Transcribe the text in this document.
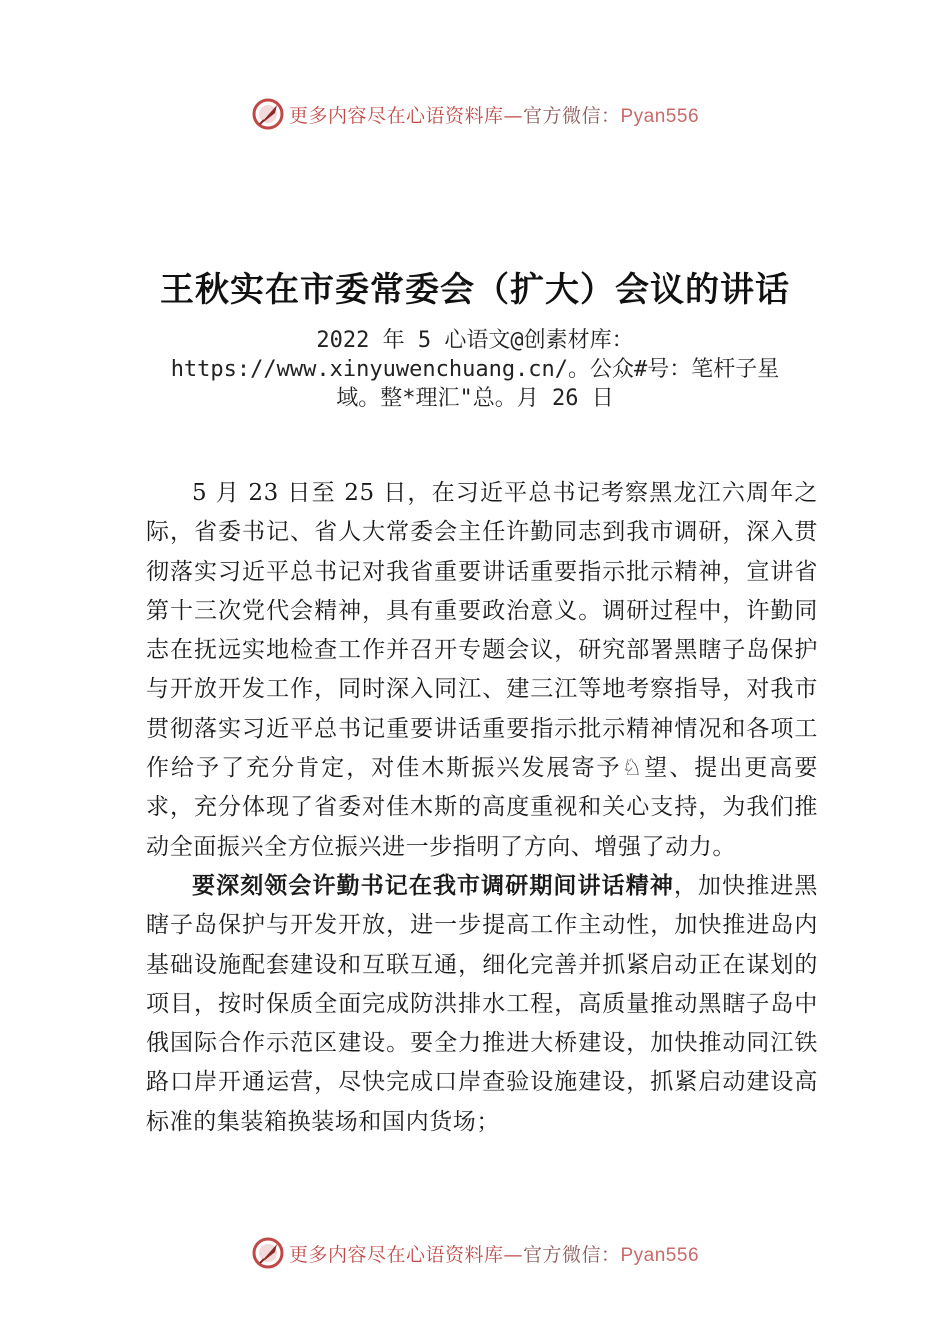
更多内容尽在心语资料库—官方微信：Pyan556
王秋实在市委常委会（扩大）会议的讲话
2022 年 5 心语文@创素材库：https://www.xinyuwenchuang.cn/。公众#号：笔杆子星域。整*理汇"总。月 26 日

5 月 23 日至 25 日，在习近平总书记考察黑龙江六周年之际，省委书记、省人大常委会主任许勤同志到我市调研，深入贯彻落实习近平总书记对我省重要讲话重要指示批示精神，宣讲省第十三次党代会精神，具有重要政治意义。调研过程中，许勤同志在抚远实地检查工作并召开专题会议，研究部署黑瞎子岛保护与开放开发工作，同时深入同江、建三江等地考察指导，对我市贯彻落实习近平总书记重要讲话重要指示批示精神情况和各项工作给予了充分肯定，对佳木斯振兴发展寄予♘望、提出更高要求，充分体现了省委对佳木斯的高度重视和关心支持，为我们推动全面振兴全方位振兴进一步指明了方向、增强了动力。

要深刻领会许勤书记在我市调研期间讲话精神，加快推进黑瞎子岛保护与开发开放，进一步提高工作主动性，加快推进岛内基础设施配套建设和互联互通，细化完善并抓紧启动正在谋划的项目，按时保质全面完成防洪排水工程，高质量推动黑瞎子岛中俄国际合作示范区建设。要全力推进大桥建设，加快推动同江铁路口岸开通运营，尽快完成口岸查验设施建设，抓紧启动建设高标准的集装箱换装场和国内货场；

更多内容尽在心语资料库—官方微信：Pyan556
